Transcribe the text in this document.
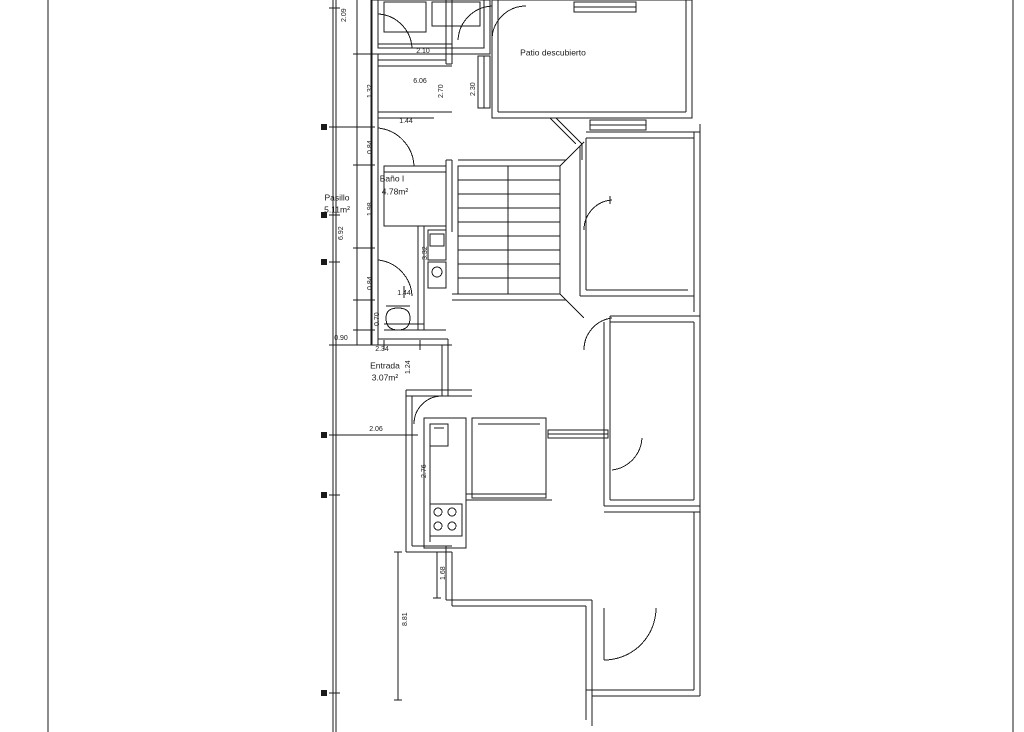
Patio descubierto
Baño I
4.78m²
Pasillo
5.11m²
Entrada
3.07m²
2.10
6.06
1.44
1.44
0.90
2.34
2.06
2.09
1.32	2.70	2.30
0.84
6.92
1.98
3.32
0.84
0.70
1.24
2.76
1.68
8.81
